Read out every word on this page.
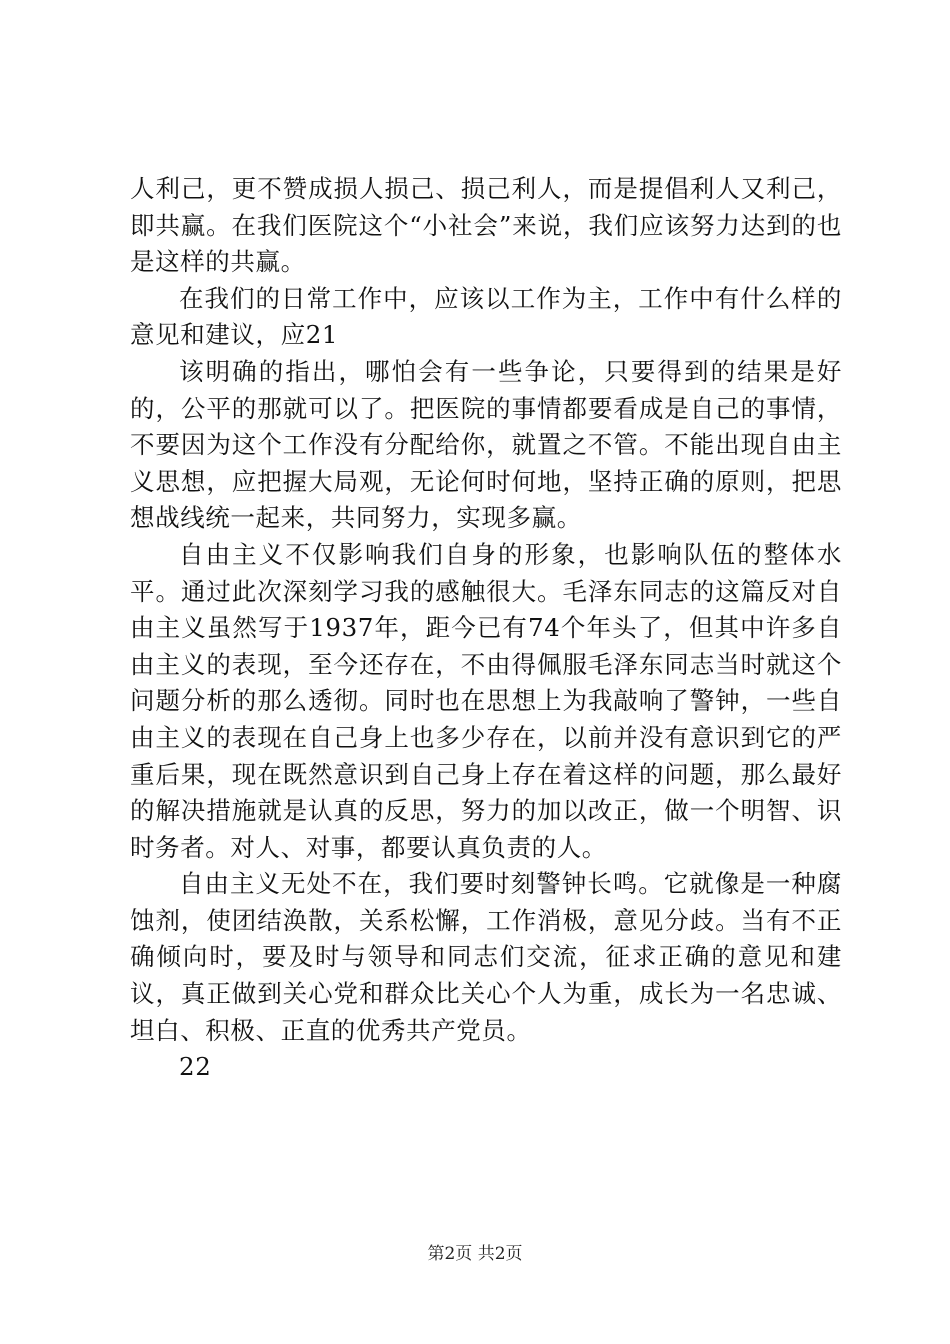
人利己，更不赞成损人损己、损己利人，而是提倡利人又利己，即共赢。在我们医院这个“小社会”来说，我们应该努力达到的也是这样的共赢。

在我们的日常工作中，应该以工作为主，工作中有什么样的意见和建议，应21

该明确的指出，哪怕会有一些争论，只要得到的结果是好的，公平的那就可以了。把医院的事情都要看成是自己的事情，不要因为这个工作没有分配给你，就置之不管。不能出现自由主义思想，应把握大局观，无论何时何地，坚持正确的原则，把思想战线统一起来，共同努力，实现多赢。

自由主义不仅影响我们自身的形象，也影响队伍的整体水平。通过此次深刻学习我的感触很大。毛泽东同志的这篇反对自由主义虽然写于1937年，距今已有74个年头了，但其中许多自由主义的表现，至今还存在，不由得佩服毛泽东同志当时就这个问题分析的那么透彻。同时也在思想上为我敲响了警钟，一些自由主义的表现在自己身上也多少存在，以前并没有意识到它的严重后果，现在既然意识到自己身上存在着这样的问题，那么最好的解决措施就是认真的反思，努力的加以改正，做一个明智、识时务者。对人、对事，都要认真负责的人。

自由主义无处不在，我们要时刻警钟长鸣。它就像是一种腐蚀剂，使团结涣散，关系松懈，工作消极，意见分歧。当有不正确倾向时，要及时与领导和同志们交流，征求正确的意见和建议，真正做到关心党和群众比关心个人为重，成长为一名忠诚、坦白、积极、正直的优秀共产党员。

22

第2页 共2页
